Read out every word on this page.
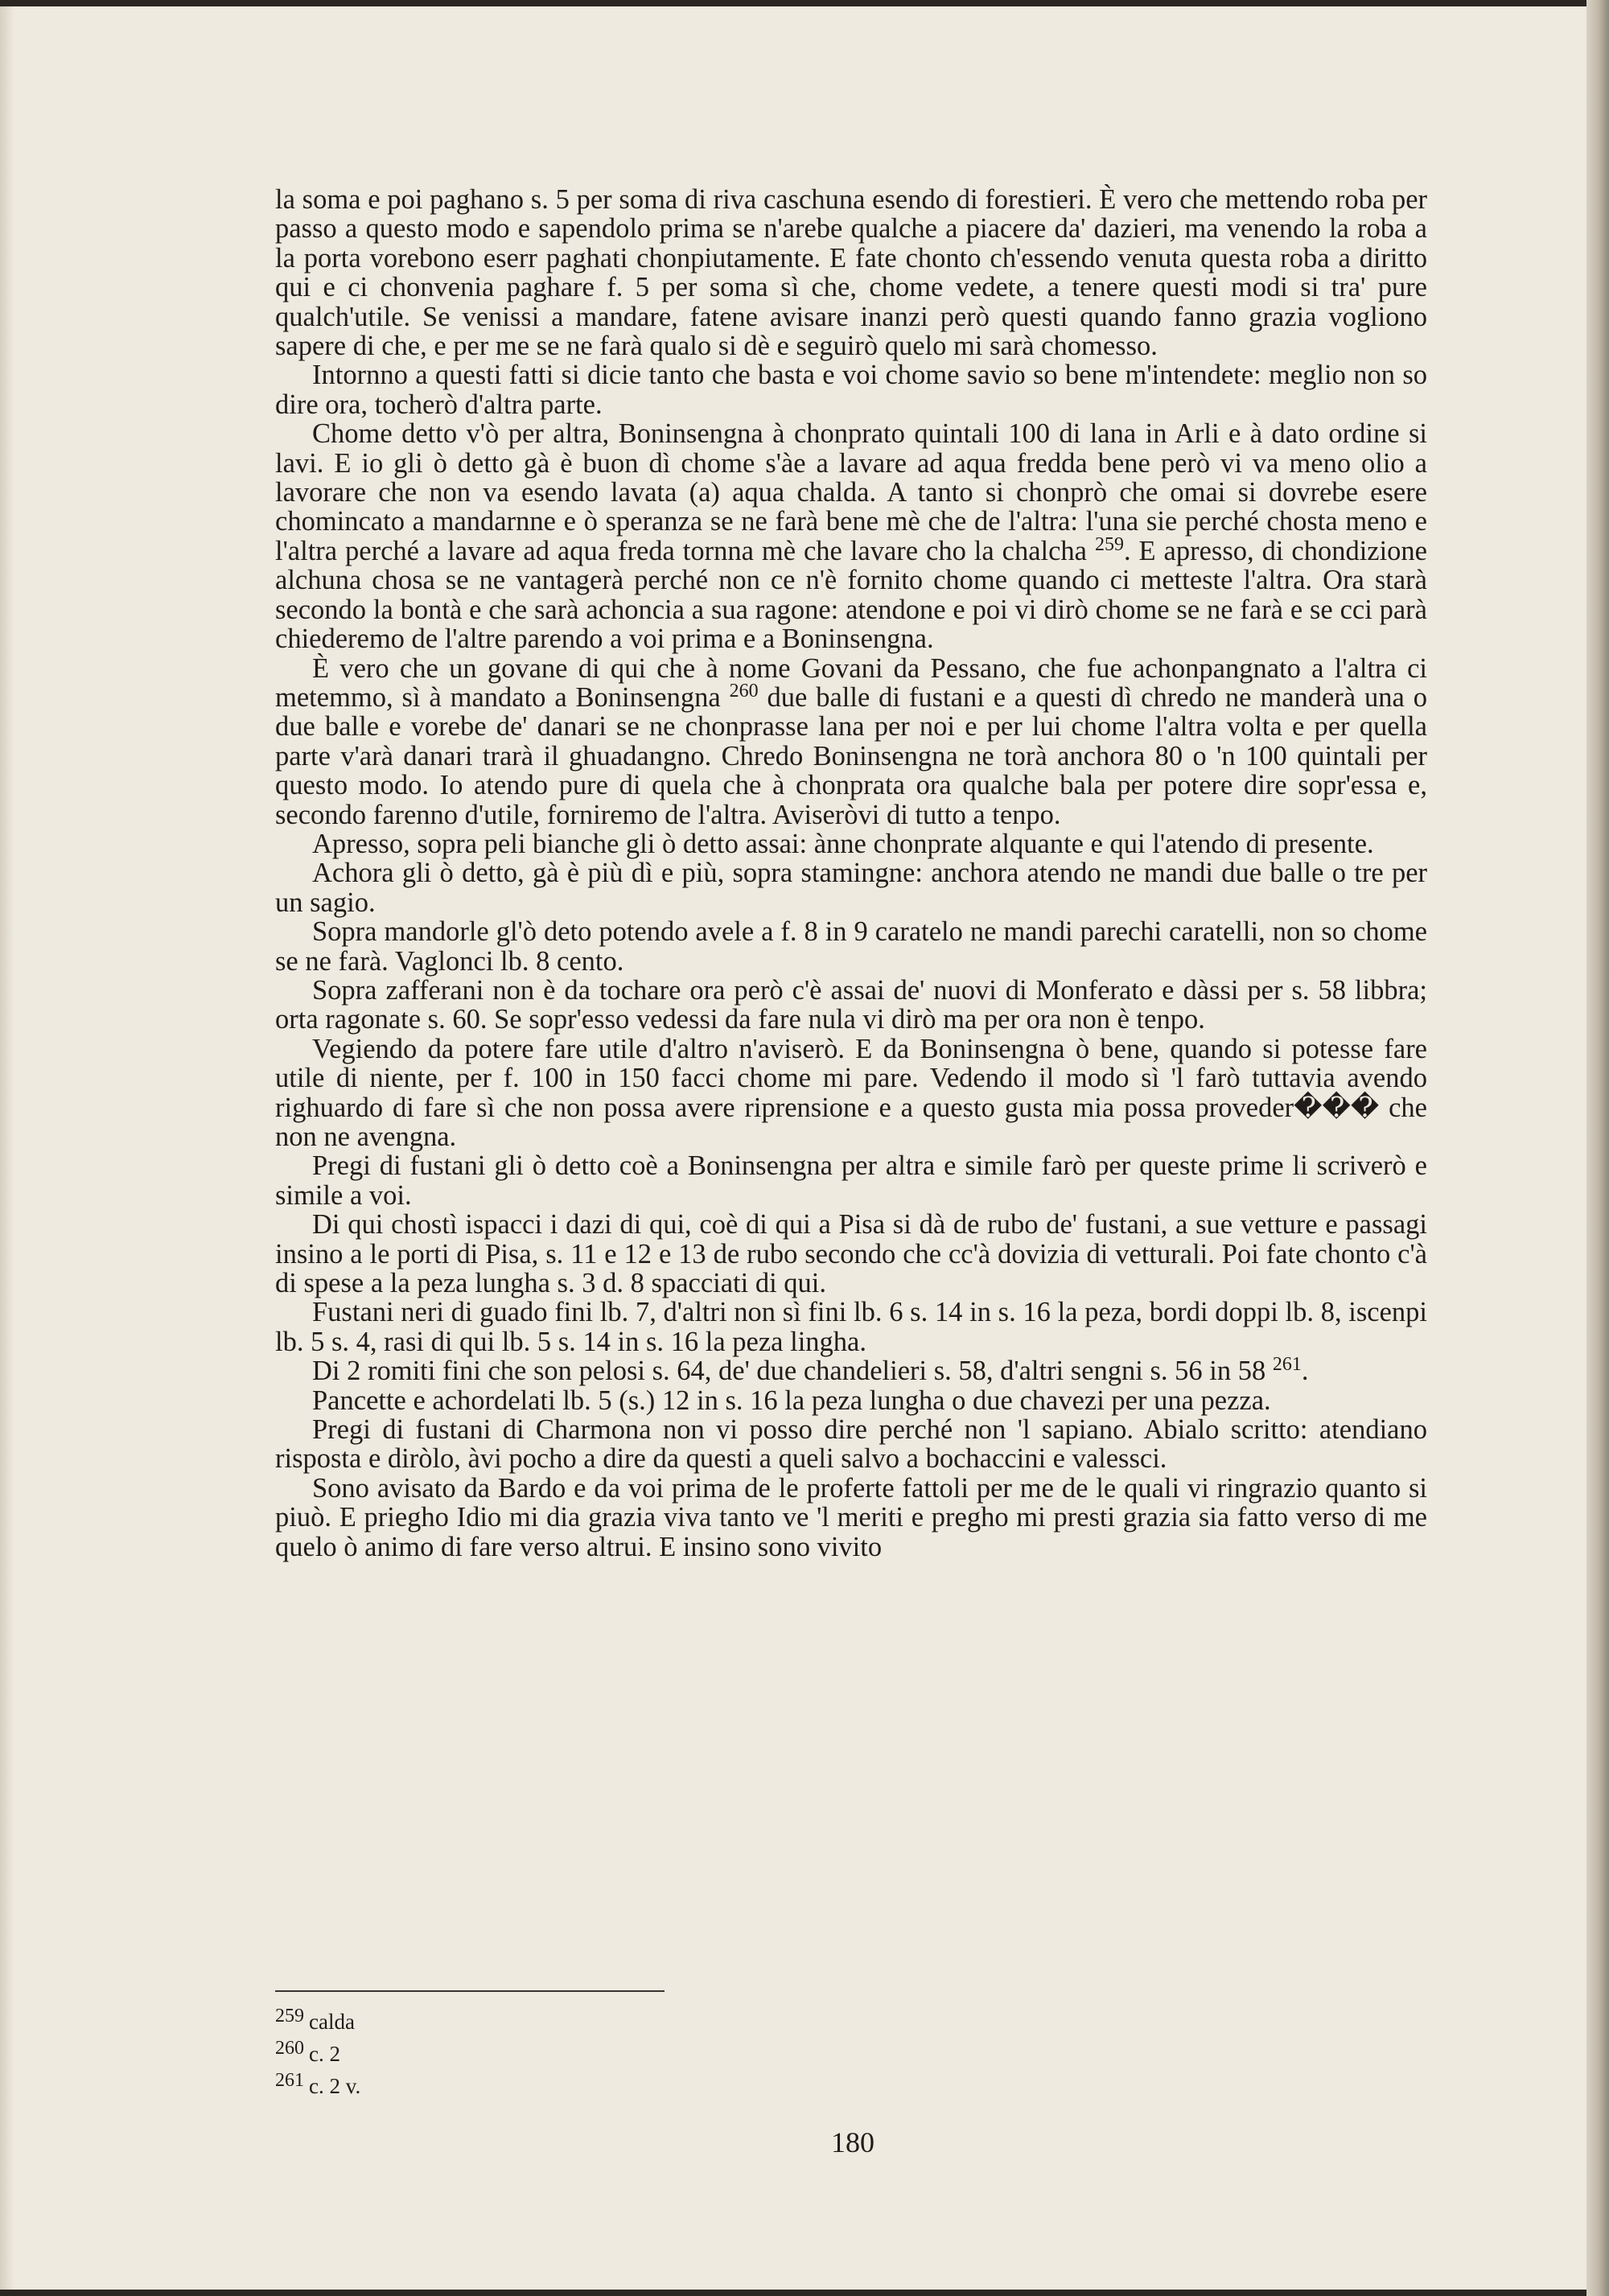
la soma e poi paghano s. 5 per soma di riva caschuna esendo di forestieri. È vero che mettendo roba per passo a questo modo e sapendolo prima se n'arebe qualche a piacere da' dazieri, ma venendo la roba a la porta vorebono eserr paghati chonpiutamente. E fate chonto ch'essendo venuta questa roba a diritto qui e ci chonvenia paghare f. 5 per soma sì che, chome vedete, a tenere questi modi si tra' pure qualch'utile. Se venissi a mandare, fatene avisare inanzi però questi quando fanno grazia vogliono sapere di che, e per me se ne farà qualo si dè e seguirò quelo mi sarà chomesso.

Intornno a questi fatti si dicie tanto che basta e voi chome savio so bene m'intendete: meglio non so dire ora, tocherò d'altra parte.

Chome detto v'ò per altra, Boninsengna à chonprato quintali 100 di lana in Arli e à dato ordine si lavi. E io gli ò detto gà è buon dì chome s'àe a lavare ad aqua fredda bene però vi va meno olio a lavorare che non va esendo lavata (a) aqua chalda. A tanto si chonprò che omai si dovrebe esere chomincato a mandarnne e ò speranza se ne farà bene mè che de l'altra: l'una sie perché chosta meno e l'altra perché a lavare ad aqua freda tornna mè che lavare cho la chalcha $^{259}$. E apresso, di chondizione alchuna chosa se ne vantagerà perché non ce n'è fornito chome quando ci metteste l'altra. Ora starà secondo la bontà e che sarà achoncia a sua ragone: atendone e poi vi dirò chome se ne farà e se cci parà chiederemo de l'altre parendo a voi prima e a Boninsengna.

È vero che un govane di qui che à nome Govani da Pessano, che fue achonpangnato a l'altra ci metemmo, sì à mandato a Boninsengna $^{260}$ due balle di fustani e a questi dì chredo ne manderà una o due balle e vorebe de' danari se ne chonprasse lana per noi e per lui chome l'altra volta e per quella parte v'arà danari trarà il ghuadangno. Chredo Boninsengna ne torà anchora 80 o 'n 100 quintali per questo modo. Io atendo pure di quela che à chonprata ora qualche bala per potere dire sopr'essa e, secondo farenno d'utile, forniremo de l'altra. Aviseròvi di tutto a tenpo.

Apresso, sopra peli bianche gli ò detto assai: ànne chonprate alquante e qui l'atendo di presente.

Achora gli ò detto, gà è più dì e più, sopra stamingne: anchora atendo ne mandi due balle o tre per un sagio.

Sopra mandorle gl'ò deto potendo avele a f. 8 in 9 caratelo ne mandi parechi caratelli, non so chome se ne farà. Vaglonci lb. 8 cento.

Sopra zafferani non è da tochare ora però c'è assai de' nuovi di Monferato e dàssi per s. 58 libbra; orta ragonate s. 60. Se sopr'esso vedessi da fare nula vi dirò ma per ora non è tenpo.

Vegiendo da potere fare utile d'altro n'aviserò. E da Boninsengna ò bene, quando si potesse fare utile di niente, per f. 100 in 150 facci chome mi pare. Vedendo il modo sì 'l farò tuttavia avendo righuardo di fare sì che non possa avere riprensione e a questo gusta mia possa proveder��� che non ne avengna.

Pregi di fustani gli ò detto coè a Boninsengna per altra e simile farò per queste prime li scriverò e simile a voi.

Di qui chostì ispacci i dazi di qui, coè di qui a Pisa si dà de rubo de' fustani, a sue vetture e passagi insino a le porti di Pisa, s. 11 e 12 e 13 de rubo secondo che cc'à dovizia di vetturali. Poi fate chonto c'à di spese a la peza lungha s. 3 d. 8 spacciati di qui.

Fustani neri di guado fini lb. 7, d'altri non sì fini lb. 6 s. 14 in s. 16 la peza, bordi doppi lb. 8, iscenpi lb. 5 s. 4, rasi di qui lb. 5 s. 14 in s. 16 la peza lingha.

Di 2 romiti fini che son pelosi s. 64, de' due chandelieri s. 58, d'altri sengni s. 56 in 58 $^{261}$.

Pancette e achordelati lb. 5 (s.) 12 in s. 16 la peza lungha o due chavezi per una pezza.

Pregi di fustani di Charmona non vi posso dire perché non 'l sapiano. Abialo scritto: atendiano risposta e diròlo, àvi pocho a dire da questi a queli salvo a bochaccini e valessci.

Sono avisato da Bardo e da voi prima de le proferte fattoli per me de le quali vi ringrazio quanto si piuò. E priegho Idio mi dia grazia viva tanto ve 'l meriti e preghо mi presti grazia sia fatto verso di me quelo ò animo di fare verso altrui. E insino sono vivito

259 calda

260 c. 2

261 c. 2 v.

180
